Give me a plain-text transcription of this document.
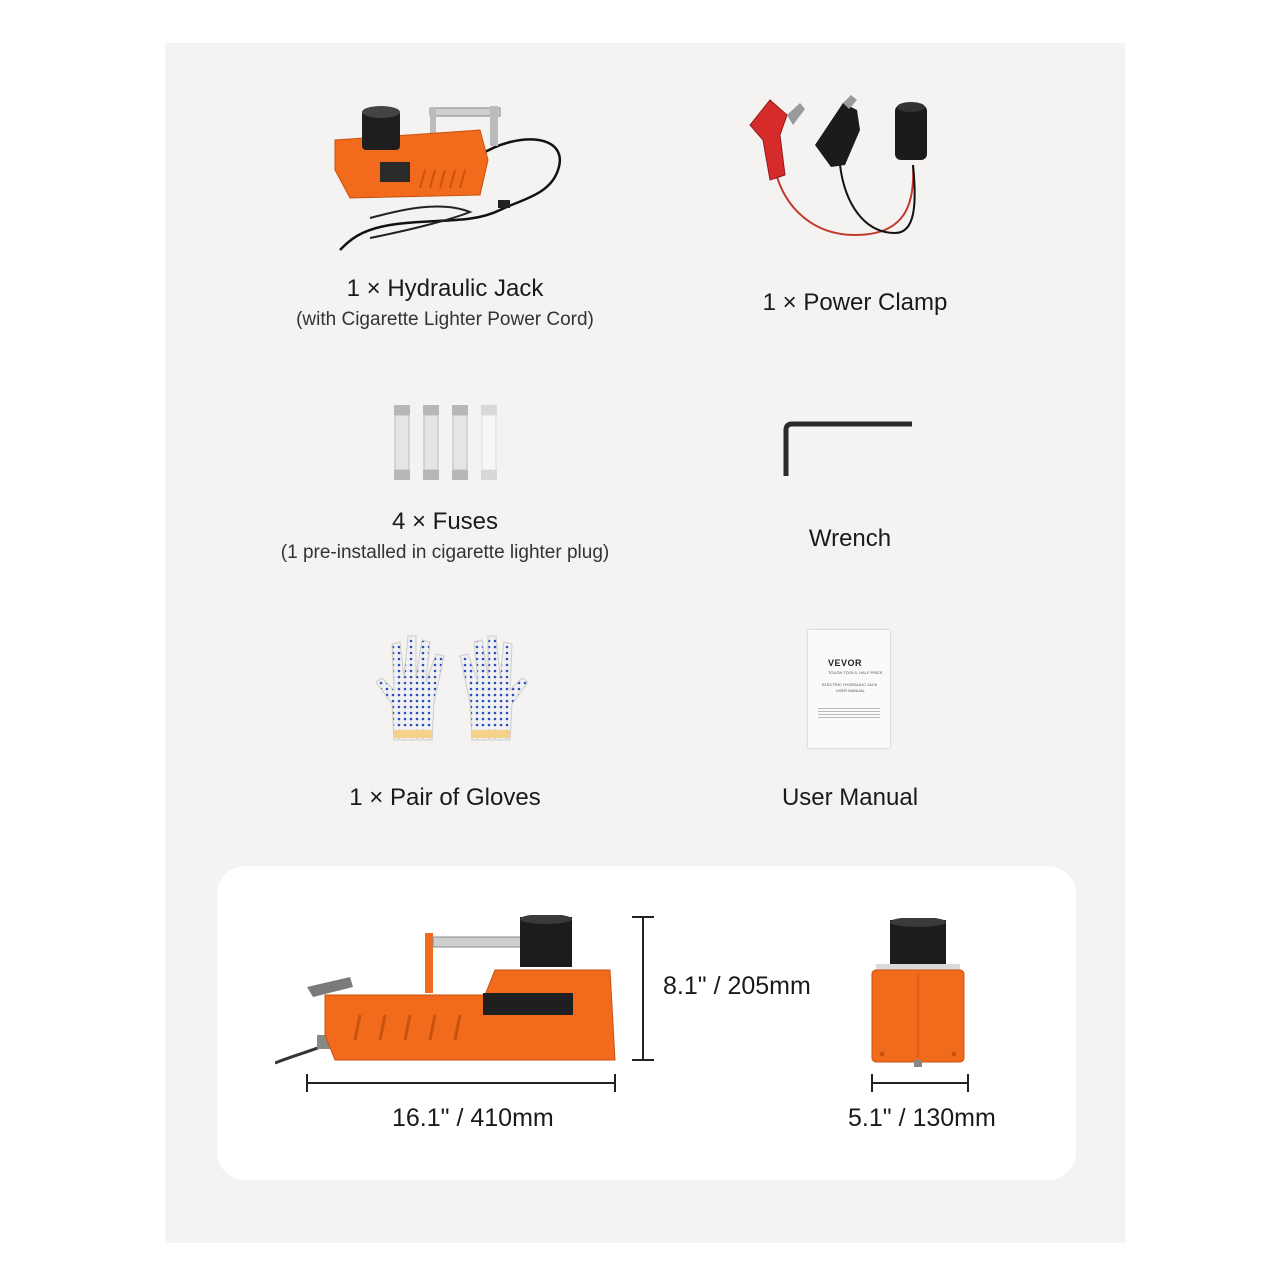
1 × Hydraulic Jack
(with Cigarette Lighter Power Cord)
1 × Power Clamp
4 × Fuses
(1 pre-installed in cigarette lighter plug)
Wrench
1 × Pair of Gloves
VEVOR
TOUGH TOOLS, HALF PRICE
ELECTRIC HYDRAULIC JACK
USER MANUAL
User Manual
8.1" / 205mm
16.1" / 410mm	5.1" / 130mm
